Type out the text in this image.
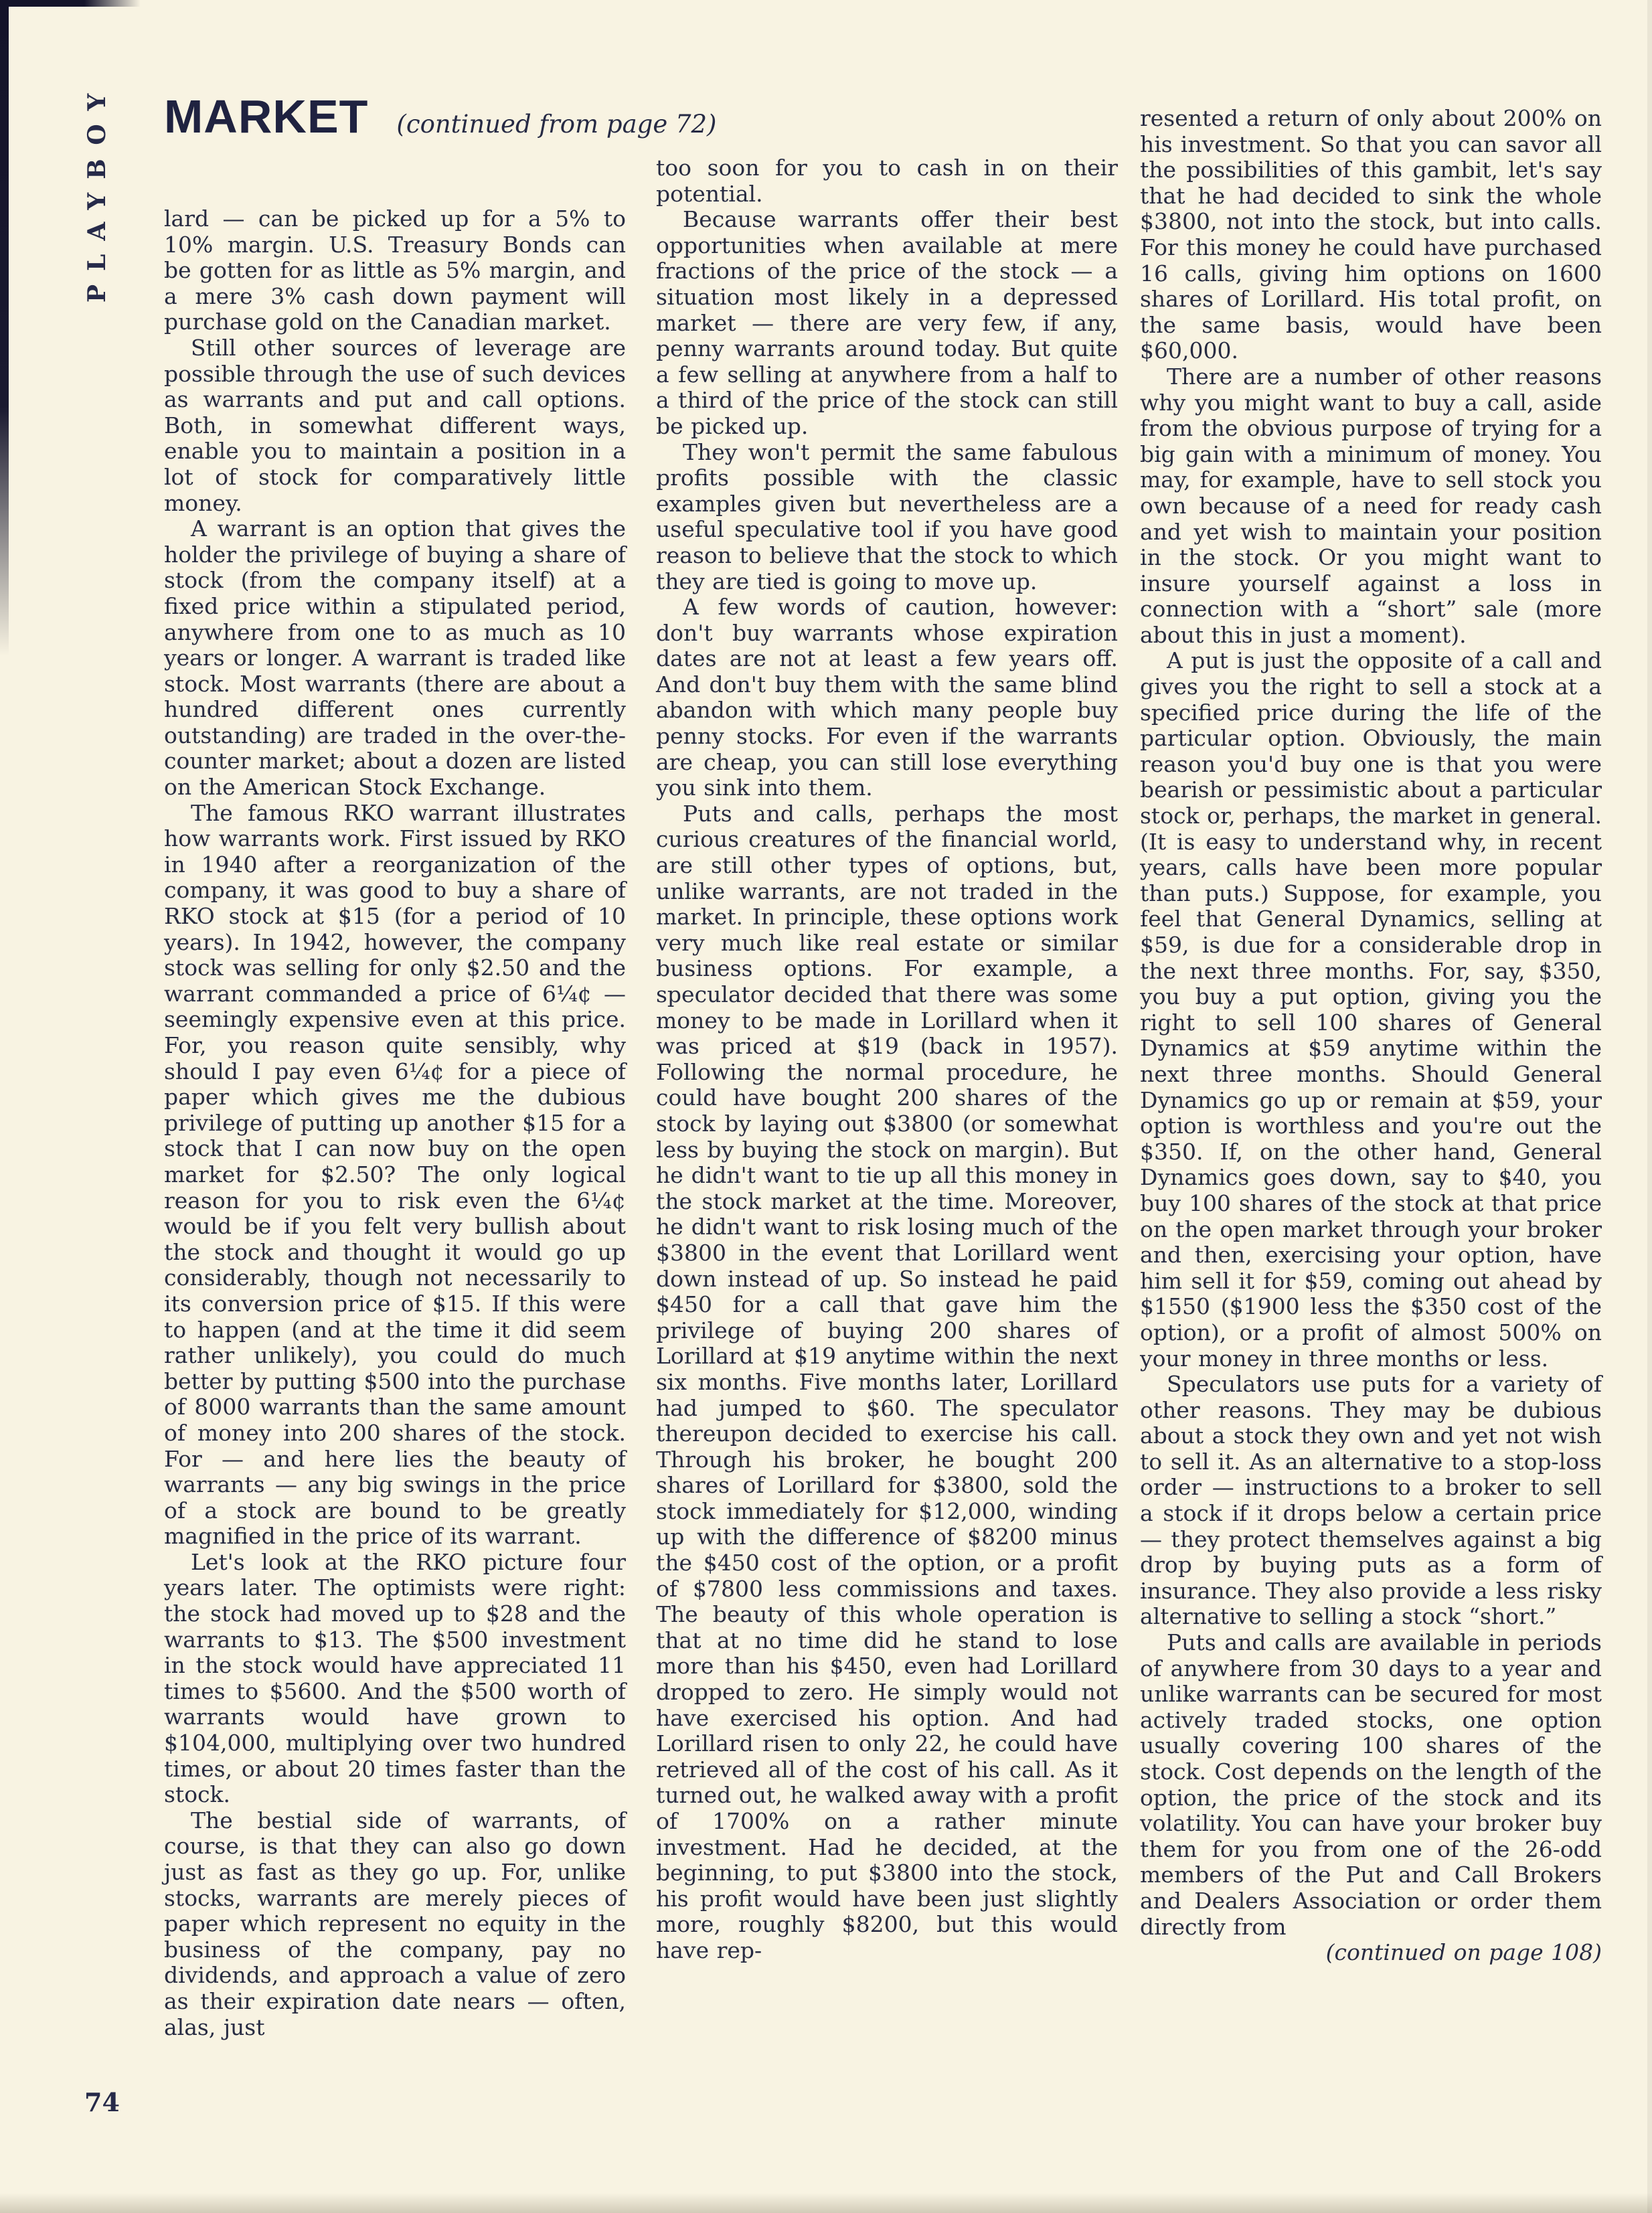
PLAYBOY MARKET (continued from page 72)

lard — can be picked up for a 5% to 10% margin. U.S. Treasury Bonds can be gotten for as little as 5% margin, and a mere 3% cash down payment will purchase gold on the Canadian market.

Still other sources of leverage are possible through the use of such devices as warrants and put and call options. Both, in somewhat different ways, enable you to maintain a position in a lot of stock for comparatively little money.

A warrant is an option that gives the holder the privilege of buying a share of stock (from the company itself) at a fixed price within a stipulated period, anywhere from one to as much as 10 years or longer. A warrant is traded like stock. Most warrants (there are about a hundred different ones currently outstanding) are traded in the over-the-counter market; about a dozen are listed on the American Stock Exchange.

The famous RKO warrant illustrates how warrants work. First issued by RKO in 1940 after a reorganization of the company, it was good to buy a share of RKO stock at $15 (for a period of 10 years). In 1942, however, the company stock was selling for only $2.50 and the warrant commanded a price of 6¼¢ — seemingly expensive even at this price. For, you reason quite sensibly, why should I pay even 6¼¢ for a piece of paper which gives me the dubious privilege of putting up another $15 for a stock that I can now buy on the open market for $2.50? The only logical reason for you to risk even the 6¼¢ would be if you felt very bullish about the stock and thought it would go up considerably, though not necessarily to its conversion price of $15. If this were to happen (and at the time it did seem rather unlikely), you could do much better by putting $500 into the purchase of 8000 warrants than the same amount of money into 200 shares of the stock. For — and here lies the beauty of warrants — any big swings in the price of a stock are bound to be greatly magnified in the price of its warrant.

Let's look at the RKO picture four years later. The optimists were right: the stock had moved up to $28 and the warrants to $13. The $500 investment in the stock would have appreciated 11 times to $5600. And the $500 worth of warrants would have grown to $104,000, multiplying over two hundred times, or about 20 times faster than the stock.

The bestial side of warrants, of course, is that they can also go down just as fast as they go up. For, unlike stocks, warrants are merely pieces of paper which represent no equity in the business of the company, pay no dividends, and approach a value of zero as their expiration date nears — often, alas, just

too soon for you to cash in on their potential.

Because warrants offer their best opportunities when available at mere fractions of the price of the stock — a situation most likely in a depressed market — there are very few, if any, penny warrants around today. But quite a few selling at anywhere from a half to a third of the price of the stock can still be picked up.

They won't permit the same fabulous profits possible with the classic examples given but nevertheless are a useful speculative tool if you have good reason to believe that the stock to which they are tied is going to move up.

A few words of caution, however: don't buy warrants whose expiration dates are not at least a few years off. And don't buy them with the same blind abandon with which many people buy penny stocks. For even if the warrants are cheap, you can still lose everything you sink into them.

Puts and calls, perhaps the most curious creatures of the financial world, are still other types of options, but, unlike warrants, are not traded in the market. In principle, these options work very much like real estate or similar business options. For example, a speculator decided that there was some money to be made in Lorillard when it was priced at $19 (back in 1957). Following the normal procedure, he could have bought 200 shares of the stock by laying out $3800 (or somewhat less by buying the stock on margin). But he didn't want to tie up all this money in the stock market at the time. Moreover, he didn't want to risk losing much of the $3800 in the event that Lorillard went down instead of up. So instead he paid $450 for a call that gave him the privilege of buying 200 shares of Lorillard at $19 anytime within the next six months. Five months later, Lorillard had jumped to $60. The speculator thereupon decided to exercise his call. Through his broker, he bought 200 shares of Lorillard for $3800, sold the stock immediately for $12,000, winding up with the difference of $8200 minus the $450 cost of the option, or a profit of $7800 less commissions and taxes. The beauty of this whole operation is that at no time did he stand to lose more than his $450, even had Lorillard dropped to zero. He simply would not have exercised his option. And had Lorillard risen to only 22, he could have retrieved all of the cost of his call. As it turned out, he walked away with a profit of 1700% on a rather minute investment. Had he decided, at the beginning, to put $3800 into the stock, his profit would have been just slightly more, roughly $8200, but this would have rep-

resented a return of only about 200% on his investment. So that you can savor all the possibilities of this gambit, let's say that he had decided to sink the whole $3800, not into the stock, but into calls. For this money he could have purchased 16 calls, giving him options on 1600 shares of Lorillard. His total profit, on the same basis, would have been $60,000.

There are a number of other reasons why you might want to buy a call, aside from the obvious purpose of trying for a big gain with a minimum of money. You may, for example, have to sell stock you own because of a need for ready cash and yet wish to maintain your position in the stock. Or you might want to insure yourself against a loss in connection with a “short” sale (more about this in just a moment).

A put is just the opposite of a call and gives you the right to sell a stock at a specified price during the life of the particular option. Obviously, the main reason you'd buy one is that you were bearish or pessimistic about a particular stock or, perhaps, the market in general. (It is easy to understand why, in recent years, calls have been more popular than puts.) Suppose, for example, you feel that General Dynamics, selling at $59, is due for a considerable drop in the next three months. For, say, $350, you buy a put option, giving you the right to sell 100 shares of General Dynamics at $59 anytime within the next three months. Should General Dynamics go up or remain at $59, your option is worthless and you're out the $350. If, on the other hand, General Dynamics goes down, say to $40, you buy 100 shares of the stock at that price on the open market through your broker and then, exercising your option, have him sell it for $59, coming out ahead by $1550 ($1900 less the $350 cost of the option), or a profit of almost 500% on your money in three months or less.

Speculators use puts for a variety of other reasons. They may be dubious about a stock they own and yet not wish to sell it. As an alternative to a stop-loss order — instructions to a broker to sell a stock if it drops below a certain price — they protect themselves against a big drop by buying puts as a form of insurance. They also provide a less risky alternative to selling a stock “short.”

Puts and calls are available in periods of anywhere from 30 days to a year and unlike warrants can be secured for most actively traded stocks, one option usually covering 100 shares of the stock. Cost depends on the length of the option, the price of the stock and its volatility. You can have your broker buy them for you from one of the 26-odd members of the Put and Call Brokers and Dealers Association or order them directly from

(continued on page 108)

74
